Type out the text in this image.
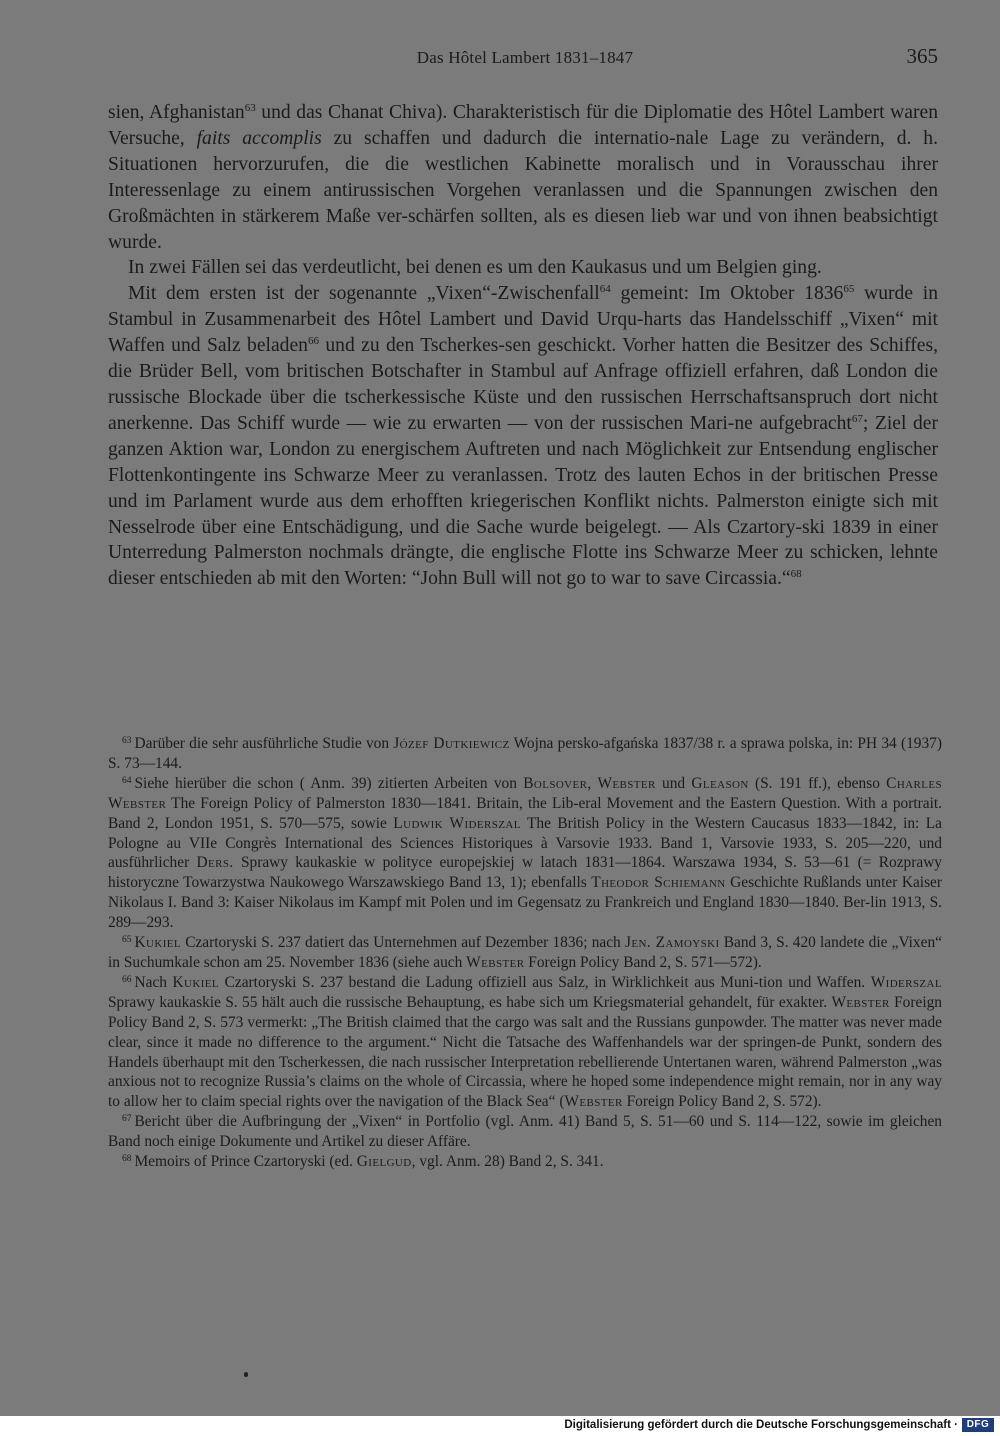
Das Hôtel Lambert 1831–1847	365

sien, Afghanistan$^{63}$ und das Chanat Chiva). Charakteristisch für die Diplomatie des Hôtel Lambert waren Versuche, faits accomplis zu schaffen und dadurch die internatio-nale Lage zu verändern, d. h. Situationen hervorzurufen, die die westlichen Kabinette moralisch und in Vorausschau ihrer Interessenlage zu einem antirussischen Vorgehen veranlassen und die Spannungen zwischen den Großmächten in stärkerem Maße ver-schärfen sollten, als es diesen lieb war und von ihnen beabsichtigt wurde.

In zwei Fällen sei das verdeutlicht, bei denen es um den Kaukasus und um Belgien ging.

Mit dem ersten ist der sogenannte „Vixen“-Zwischenfall$^{64}$ gemeint: Im Oktober 1836$^{65}$ wurde in Stambul in Zusammenarbeit des Hôtel Lambert und David Urqu-harts das Handelsschiff „Vixen“ mit Waffen und Salz beladen$^{66}$ und zu den Tscherkes-sen geschickt. Vorher hatten die Besitzer des Schiffes, die Brüder Bell, vom britischen Botschafter in Stambul auf Anfrage offiziell erfahren, daß London die russische Blockade über die tscherkessische Küste und den russischen Herrschaftsanspruch dort nicht anerkenne. Das Schiff wurde — wie zu erwarten — von der russischen Mari-ne aufgebracht$^{67}$; Ziel der ganzen Aktion war, London zu energischem Auftreten und nach Möglichkeit zur Entsendung englischer Flottenkontingente ins Schwarze Meer zu veranlassen. Trotz des lauten Echos in der britischen Presse und im Parlament wurde aus dem erhofften kriegerischen Konflikt nichts. Palmerston einigte sich mit Nesselrode über eine Entschädigung, und die Sache wurde beigelegt. — Als Czartory-ski 1839 in einer Unterredung Palmerston nochmals drängte, die englische Flotte ins Schwarze Meer zu schicken, lehnte dieser entschieden ab mit den Worten: “John Bull will not go to war to save Circassia.“$^{68}$

$^{63}$ Darüber die sehr ausführliche Studie von Józef Dutkiewicz Wojna persko-afgańska 1837/38 r. a sprawa polska, in: PH 34 (1937) S. 73—144.

$^{64}$ Siehe hierüber die schon ( Anm. 39) zitierten Arbeiten von Bolsover, Webster und Gleason (S. 191 ff.), ebenso Charles Webster The Foreign Policy of Palmerston 1830—1841. Britain, the Lib-eral Movement and the Eastern Question. With a portrait. Band 2, London 1951, S. 570—575, sowie Ludwik Widerszal The British Policy in the Western Caucasus 1833—1842, in: La Pologne au VIIe Congrès International des Sciences Historiques à Varsovie 1933. Band 1, Varsovie 1933, S. 205—220, und ausführlicher Ders. Sprawy kaukaskie w polityce europejskiej w latach 1831—1864. Warszawa 1934, S. 53—61 (= Rozprawy historyczne Towarzystwa Naukowego Warszawskiego Band 13, 1); ebenfalls Theodor Schiemann Geschichte Rußlands unter Kaiser Nikolaus I. Band 3: Kaiser Nikolaus im Kampf mit Polen und im Gegensatz zu Frankreich und England 1830—1840. Ber-lin 1913, S. 289—293.

$^{65}$ Kukiel Czartoryski S. 237 datiert das Unternehmen auf Dezember 1836; nach Jen. Zamoyski Band 3, S. 420 landete die „Vixen“ in Suchumkale schon am 25. November 1836 (siehe auch Webster Foreign Policy Band 2, S. 571—572).

$^{66}$ Nach Kukiel Czartoryski S. 237 bestand die Ladung offiziell aus Salz, in Wirklichkeit aus Muni-tion und Waffen. Widerszal Sprawy kaukaskie S. 55 hält auch die russische Behauptung, es habe sich um Kriegsmaterial gehandelt, für exakter. Webster Foreign Policy Band 2, S. 573 vermerkt: „The British claimed that the cargo was salt and the Russians gunpowder. The matter was never made clear, since it made no difference to the argument.“ Nicht die Tatsache des Waffenhandels war der springen-de Punkt, sondern des Handels überhaupt mit den Tscherkessen, die nach russischer Interpretation rebellierende Untertanen waren, während Palmerston „was anxious not to recognize Russia’s claims on the whole of Circassia, where he hoped some independence might remain, nor in any way to allow her to claim special rights over the navigation of the Black Sea“ (Webster Foreign Policy Band 2, S. 572).

$^{67}$ Bericht über die Aufbringung der „Vixen“ in Portfolio (vgl. Anm. 41) Band 5, S. 51—60 und S. 114—122, sowie im gleichen Band noch einige Dokumente und Artikel zu dieser Affäre.

$^{68}$ Memoirs of Prince Czartoryski (ed. Gielgud, vgl. Anm. 28) Band 2, S. 341.

Digitalisierung gefördert durch die Deutsche Forschungsgemeinschaft · DFG
